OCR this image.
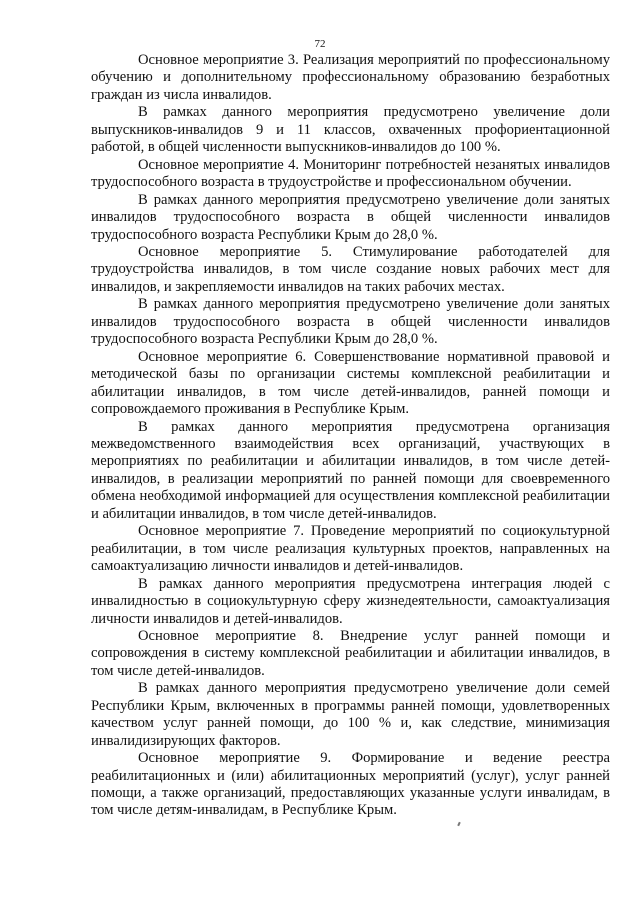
72

Основное мероприятие 3. Реализация мероприятий по профессиональному обучению и дополнительному профессиональному образованию безработных граждан из числа инвалидов.

В рамках данного мероприятия предусмотрено увеличение доли выпускников-инвалидов 9 и 11 классов, охваченных профориентационной работой, в общей численности выпускников-инвалидов до 100 %.

Основное мероприятие 4. Мониторинг потребностей незанятых инвалидов трудоспособного возраста в трудоустройстве и профессиональном обучении.

В рамках данного мероприятия предусмотрено увеличение доли занятых инвалидов трудоспособного возраста в общей численности инвалидов трудоспособного возраста Республики Крым до 28,0 %.

Основное мероприятие 5. Стимулирование работодателей для трудоустройства инвалидов, в том числе создание новых рабочих мест для инвалидов, и закрепляемости инвалидов на таких рабочих местах.

В рамках данного мероприятия предусмотрено увеличение доли занятых инвалидов трудоспособного возраста в общей численности инвалидов трудоспособного возраста Республики Крым до 28,0 %.

Основное мероприятие 6. Совершенствование нормативной правовой и методической базы по организации системы комплексной реабилитации и абилитации инвалидов, в том числе детей-инвалидов, ранней помощи и сопровождаемого проживания в Республике Крым.

В рамках данного мероприятия предусмотрена организация межведомственного взаимодействия всех организаций, участвующих в мероприятиях по реабилитации и абилитации инвалидов, в том числе детей-инвалидов, в реализации мероприятий по ранней помощи для своевременного обмена необходимой информацией для осуществления комплексной реабилитации и абилитации инвалидов, в том числе детей-инвалидов.

Основное мероприятие 7. Проведение мероприятий по социокультурной реабилитации, в том числе реализация культурных проектов, направленных на самоактуализацию личности инвалидов и детей-инвалидов.

В рамках данного мероприятия предусмотрена интеграция людей с инвалидностью в социокультурную сферу жизнедеятельности, самоактуализация личности инвалидов и детей-инвалидов.

Основное мероприятие 8. Внедрение услуг ранней помощи и сопровождения в систему комплексной реабилитации и абилитации инвалидов, в том числе детей-инвалидов.

В рамках данного мероприятия предусмотрено увеличение доли семей Республики Крым, включенных в программы ранней помощи, удовлетворенных качеством услуг ранней помощи, до 100 % и, как следствие, минимизация инвалидизирующих факторов.

Основное мероприятие 9. Формирование и ведение реестра реабилитационных и (или) абилитационных мероприятий (услуг), услуг ранней помощи, а также организаций, предоставляющих указанные услуги инвалидам, в том числе детям-инвалидам, в Республике Крым.
